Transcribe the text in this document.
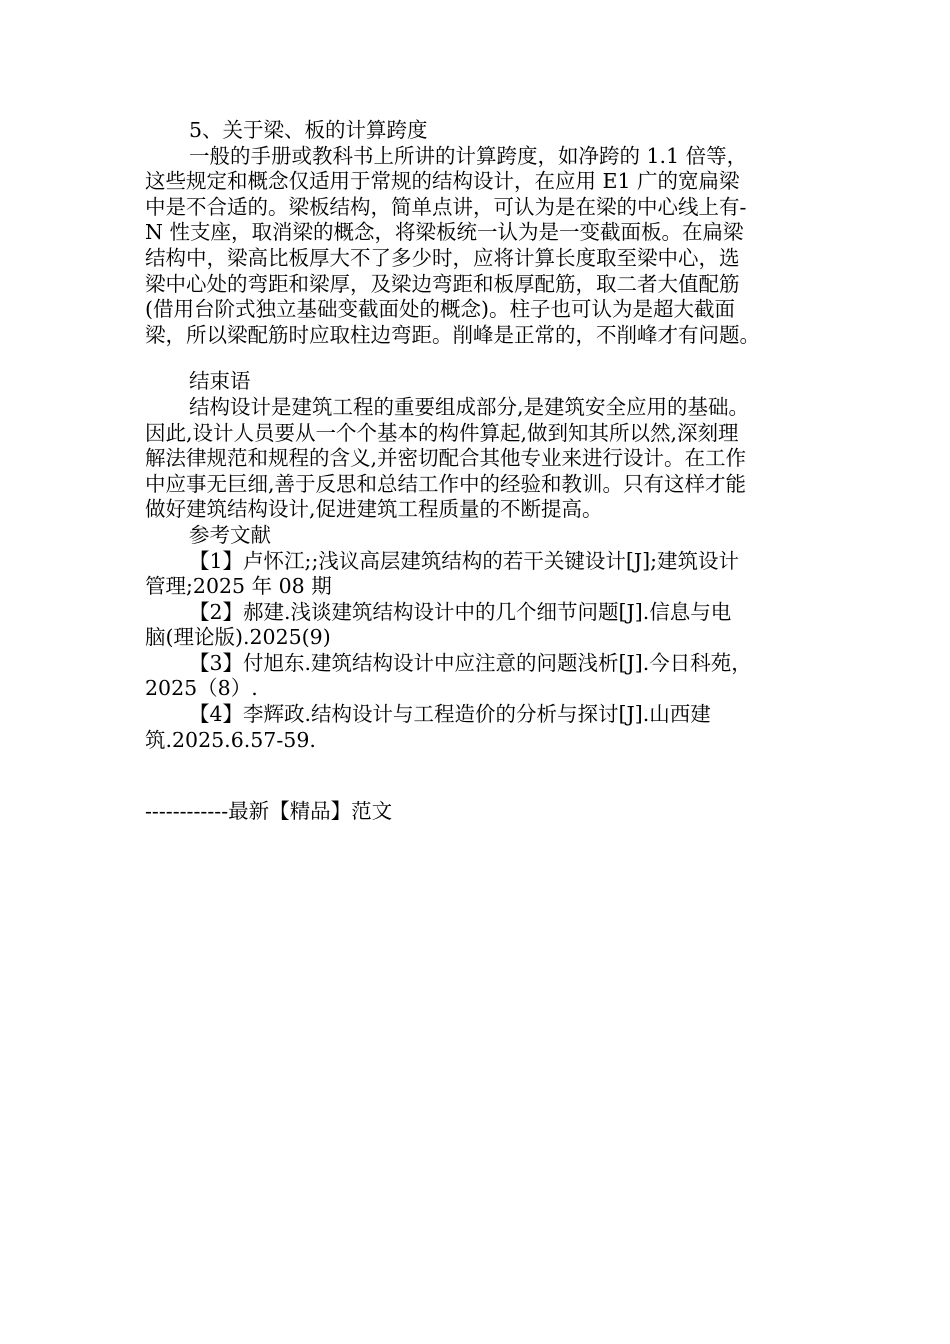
5、关于梁、板的计算跨度
一般的手册或教科书上所讲的计算跨度，如净跨的 1.1 倍等，
这些规定和概念仅适用于常规的结构设计，在应用 E1 广的宽扁梁
中是不合适的。梁板结构，简单点讲，可认为是在梁的中心线上有-
N 性支座，取消梁的概念，将梁板统一认为是一变截面板。在扁梁
结构中，梁高比板厚大不了多少时，应将计算长度取至梁中心，选
梁中心处的弯距和梁厚，及梁边弯距和板厚配筋，取二者大值配筋
(借用台阶式独立基础变截面处的概念)。柱子也可认为是超大截面
梁，所以梁配筋时应取柱边弯距。削峰是正常的，不削峰才有问题。
结束语
结构设计是建筑工程的重要组成部分,是建筑安全应用的基础。
因此,设计人员要从一个个基本的构件算起,做到知其所以然,深刻理
解法律规范和规程的含义,并密切配合其他专业来进行设计。在工作
中应事无巨细,善于反思和总结工作中的经验和教训。只有这样才能
做好建筑结构设计,促进建筑工程质量的不断提高。
参考文献
【1】卢怀江;;浅议高层建筑结构的若干关键设计[J];建筑设计
管理;2025 年 08 期
【2】郝建.浅谈建筑结构设计中的几个细节问题[J].信息与电
脑(理论版).2025(9)
【3】付旭东.建筑结构设计中应注意的问题浅析[J].今日科苑，
2025（8）.
【4】李辉政.结构设计与工程造价的分析与探讨[J].山西建
筑.2025.6.57-59.
------------最新【精品】范文
